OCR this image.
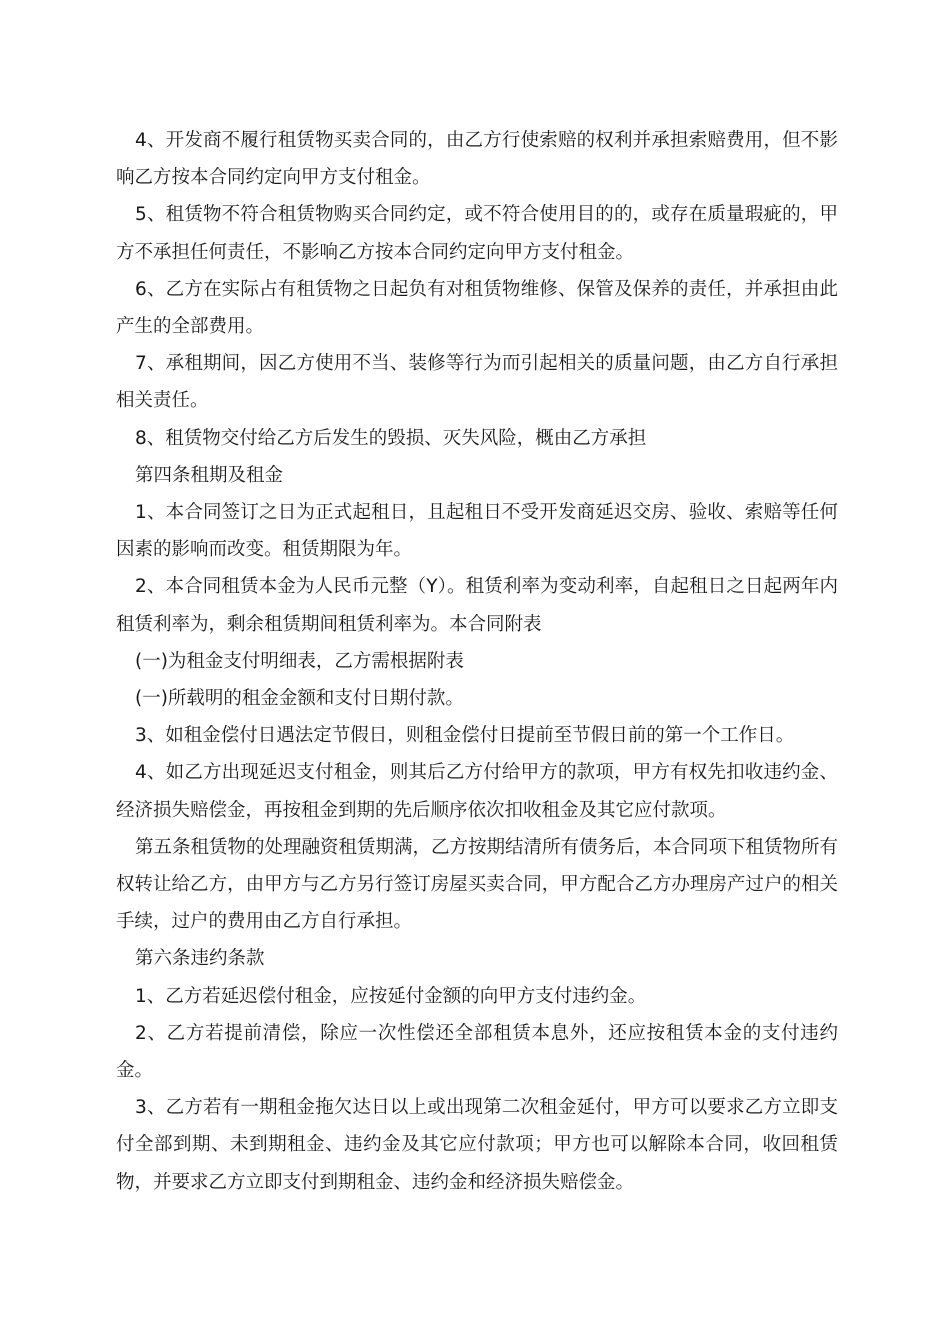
4、开发商不履行租赁物买卖合同的，由乙方行使索赔的权利并承担索赔费用，但不影响乙方按本合同约定向甲方支付租金。

5、租赁物不符合租赁物购买合同约定，或不符合使用目的的，或存在质量瑕疵的，甲方不承担任何责任，不影响乙方按本合同约定向甲方支付租金。

6、乙方在实际占有租赁物之日起负有对租赁物维修、保管及保养的责任，并承担由此产生的全部费用。

7、承租期间，因乙方使用不当、装修等行为而引起相关的质量问题，由乙方自行承担相关责任。

8、租赁物交付给乙方后发生的毁损、灭失风险，概由乙方承担

第四条租期及租金

1、本合同签订之日为正式起租日，且起租日不受开发商延迟交房、验收、索赔等任何因素的影响而改变。租赁期限为年。

2、本合同租赁本金为人民币元整（Y）。租赁利率为变动利率，自起租日之日起两年内租赁利率为，剩余租赁期间租赁利率为。本合同附表

(一)为租金支付明细表，乙方需根据附表

(一)所载明的租金金额和支付日期付款。

3、如租金偿付日遇法定节假日，则租金偿付日提前至节假日前的第一个工作日。

4、如乙方出现延迟支付租金，则其后乙方付给甲方的款项，甲方有权先扣收违约金、经济损失赔偿金，再按租金到期的先后顺序依次扣收租金及其它应付款项。

第五条租赁物的处理融资租赁期满，乙方按期结清所有债务后，本合同项下租赁物所有权转让给乙方，由甲方与乙方另行签订房屋买卖合同，甲方配合乙方办理房产过户的相关手续，过户的费用由乙方自行承担。

第六条违约条款

1、乙方若延迟偿付租金，应按延付金额的向甲方支付违约金。

2、乙方若提前清偿，除应一次性偿还全部租赁本息外，还应按租赁本金的支付违约金。

3、乙方若有一期租金拖欠达日以上或出现第二次租金延付，甲方可以要求乙方立即支付全部到期、未到期租金、违约金及其它应付款项；甲方也可以解除本合同，收回租赁物，并要求乙方立即支付到期租金、违约金和经济损失赔偿金。
